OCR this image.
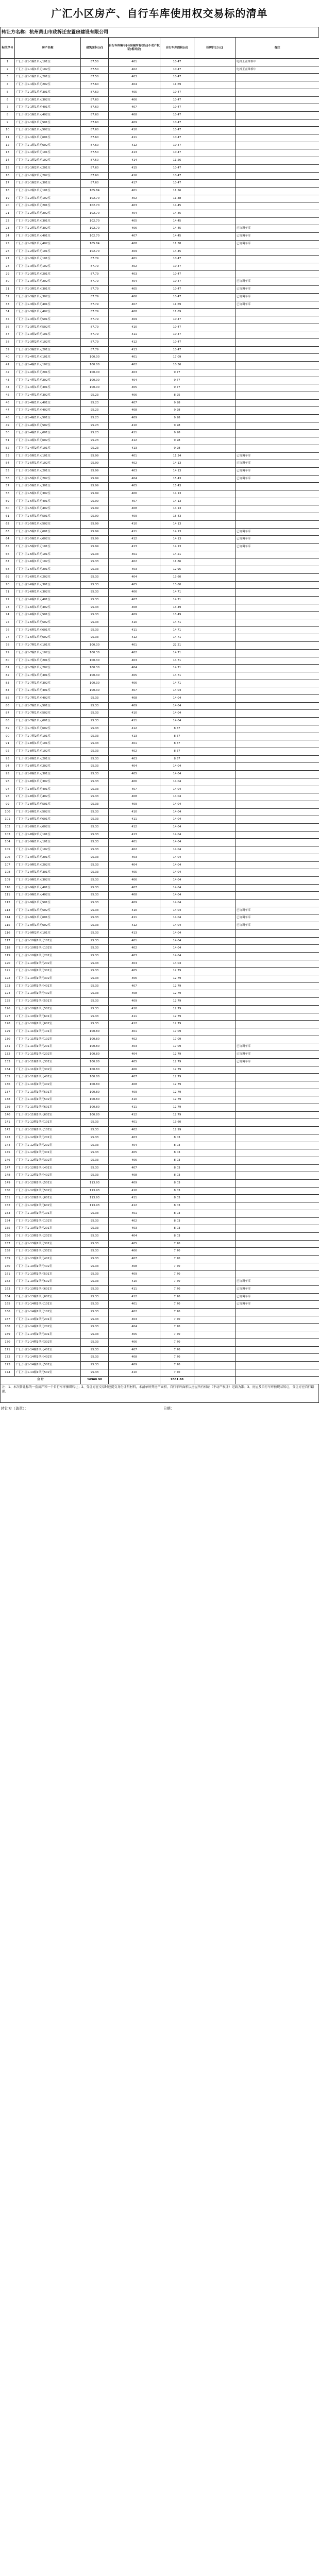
广汇小区房产、自行车库使用权交易标的清单
转让方名称：杭州萧山市政拆迁安置房建设有限公司
标的序号	房产名称	建筑面积(㎡)	自行车库编号(与房屋所有权证(不动产权证)相对应)	自行车库面积(㎡)	挂牌价(万元)	备注
1	广汇小区1-1幢1单元101室	87.50	401	10.47		电梯正在维修中
2	广汇小区1-1幢1单元102室	87.50	402	10.47		电梯正在维修中
3	广汇小区1-1幢1单元201室	87.50	403	10.47		
4	广汇小区1-1幢1单元202室	87.60	404	11.69		
5	广汇小区1-1幢1单元301室	87.60	405	10.47		
6	广汇小区1-1幢1单元302室	87.60	406	10.47		
7	广汇小区1-1幢1单元401室	87.60	407	10.47		
8	广汇小区1-1幢1单元402室	87.60	408	10.47		
9	广汇小区1-1幢1单元501室	87.60	409	10.47		
10	广汇小区1-1幢1单元502室	87.60	410	10.47		
11	广汇小区1-1幢1单元601室	87.60	411	10.47		
12	广汇小区1-1幢1单元602室	87.60	412	10.47		
13	广汇小区1-1幢2单元101室	87.50	413	10.47		
14	广汇小区1-1幢2单元102室	87.50	414	11.56		
15	广汇小区1-1幢2单元201室	87.60	415	10.47		
16	广汇小区1-1幢2单元202室	87.60	416	10.47		
17	广汇小区1-1幢2单元301室	87.60	417	10.47		
18	广汇小区1-2幢1单元101室	105.84	401	11.56		
19	广汇小区1-2幢1单元102室	102.70	402	11.38		
20	广汇小区1-2幢1单元201室	102.70	403	14.45		
21	广汇小区1-2幢1单元202室	102.70	404	14.45		
22	广汇小区1-2幢1单元301室	102.70	405	14.45		
23	广汇小区1-2幢1单元302室	102.70	406	14.45		已协调车库
24	广汇小区1-2幢1单元401室	102.70	407	14.45		已协调车库
25	广汇小区1-2幢1单元402室	105.84	408	11.38		已协调车库
26	广汇小区1-2幢2单元101室	102.70	409	14.45		
27	广汇小区1-3幢1单元101室	87.79	401	10.47		
28	广汇小区1-3幢1单元102室	87.79	402	10.47		
29	广汇小区1-3幢1单元201室	87.79	403	10.47		
30	广汇小区1-3幢1单元202室	87.79	404	10.47		已协调车库
31	广汇小区1-3幢1单元301室	87.79	405	10.47		已协调车库
32	广汇小区1-3幢1单元302室	87.79	406	10.47		已协调车库
33	广汇小区1-3幢1单元401室	87.79	407	11.69		已协调车库
34	广汇小区1-3幢1单元402室	87.79	408	11.69		
35	广汇小区1-3幢1单元501室	87.79	409	10.47		
36	广汇小区1-3幢1单元502室	87.79	410	10.47		
37	广汇小区1-3幢2单元101室	87.79	411	10.47		
38	广汇小区1-3幢2单元102室	87.79	412	10.47		
39	广汇小区1-3幢2单元201室	87.79	413	10.47		
40	广汇小区1-4幢1单元101室	100.00	401	17.09		
41	广汇小区1-4幢1单元102室	100.00	402	10.36		
42	广汇小区1-4幢1单元201室	100.00	403	9.77		
43	广汇小区1-4幢1单元202室	100.00	404	9.77		
44	广汇小区1-4幢1单元301室	100.00	405	9.77		
45	广汇小区1-4幢1单元302室	95.23	406	8.95		
46	广汇小区1-4幢1单元401室	95.23	407	9.98		
47	广汇小区1-4幢1单元402室	95.23	408	9.98		
48	广汇小区1-4幢1单元501室	95.23	409	9.98		
49	广汇小区1-4幢1单元502室	95.23	410	9.98		
50	广汇小区1-4幢1单元601室	95.23	411	9.98		
51	广汇小区1-4幢1单元602室	95.23	412	9.98		
52	广汇小区1-4幢2单元101室	95.23	413	9.98		
53	广汇小区1-5幢1单元101室	95.99	401	11.34		已协调车库
54	广汇小区1-5幢1单元102室	95.99	402	14.13		已协调车库
55	广汇小区1-5幢1单元201室	95.99	403	14.13		已协调车库
56	广汇小区1-5幢1单元202室	95.99	404	15.43		已协调车库
57	广汇小区1-5幢1单元301室	95.99	405	15.43		
58	广汇小区1-5幢1单元302室	95.99	406	14.13		
59	广汇小区1-5幢1单元401室	95.99	407	14.13		
60	广汇小区1-5幢1单元402室	95.99	408	14.13		
61	广汇小区1-5幢1单元501室	95.99	409	15.43		
62	广汇小区1-5幢1单元502室	95.99	410	14.13		
63	广汇小区1-5幢1单元601室	95.99	411	14.13		已协调车库
64	广汇小区1-5幢1单元602室	95.99	412	14.13		已协调车库
65	广汇小区1-5幢2单元101室	95.99	413	14.13		已协调车库
66	广汇小区1-6幢1单元101室	95.33	401	14.21		
67	广汇小区1-6幢1单元102室	95.33	402	11.86		
68	广汇小区1-6幢1单元201室	95.33	403	12.95		
69	广汇小区1-6幢1单元202室	95.33	404	13.60		
70	广汇小区1-6幢1单元301室	95.33	405	13.60		
71	广汇小区1-6幢1单元302室	95.33	406	14.71		
72	广汇小区1-6幢1单元401室	95.33	407	14.71		
73	广汇小区1-6幢1单元402室	95.33	408	13.49		
74	广汇小区1-6幢1单元501室	95.33	409	13.49		
75	广汇小区1-6幢1单元502室	95.33	410	14.71		
76	广汇小区1-6幢1单元601室	95.33	411	14.71		
77	广汇小区1-6幢1单元602室	95.33	412	14.71		
78	广汇小区1-7幢1单元101室	100.30	401	22.21		
79	广汇小区1-7幢1单元102室	100.30	402	14.71		
80	广汇小区1-7幢1单元201室	100.30	403	14.71		
81	广汇小区1-7幢1单元202室	100.30	404	14.71		
82	广汇小区1-7幢1单元301室	100.30	405	14.71		
83	广汇小区1-7幢1单元302室	100.30	406	14.71		
84	广汇小区1-7幢1单元401室	100.30	407	14.04		
85	广汇小区1-7幢1单元402室	95.33	408	14.04		
86	广汇小区1-7幢1单元501室	95.33	409	14.04		
87	广汇小区1-7幢1单元502室	95.33	410	14.04		
88	广汇小区1-7幢1单元601室	95.33	411	14.04		
89	广汇小区1-7幢1单元602室	95.33	412	8.57		
90	广汇小区1-7幢2单元101室	95.33	413	8.57		
91	广汇小区1-8幢1单元101室	95.33	401	8.57		
92	广汇小区1-8幢1单元102室	95.33	402	8.57		
93	广汇小区1-8幢1单元201室	95.33	403	8.57		
94	广汇小区1-8幢1单元202室	95.33	404	14.04		
95	广汇小区1-8幢1单元301室	95.33	405	14.04		
96	广汇小区1-8幢1单元302室	95.33	406	14.04		
97	广汇小区1-8幢1单元401室	95.33	407	14.04		
98	广汇小区1-8幢1单元402室	95.33	408	14.04		
99	广汇小区1-8幢1单元501室	95.33	409	14.04		
100	广汇小区1-8幢1单元502室	95.33	410	14.04		
101	广汇小区1-8幢1单元601室	95.33	411	14.04		
102	广汇小区1-8幢1单元602室	95.33	412	14.04		
103	广汇小区1-8幢2单元101室	95.33	413	14.04		
104	广汇小区1-9幢1单元101室	95.33	401	14.04		
105	广汇小区1-9幢1单元102室	95.33	402	14.04		
106	广汇小区1-9幢1单元201室	95.33	403	14.04		
107	广汇小区1-9幢1单元202室	95.33	404	14.04		
108	广汇小区1-9幢1单元301室	95.33	405	14.04		
109	广汇小区1-9幢1单元302室	95.33	406	14.04		
110	广汇小区1-9幢1单元401室	95.33	407	14.04		
111	广汇小区1-9幢1单元402室	95.33	408	14.04		
112	广汇小区1-9幢1单元501室	95.33	409	14.04		
113	广汇小区1-9幢1单元502室	95.33	410	14.04		已协调车库
114	广汇小区1-9幢1单元601室	95.33	411	14.04		已协调车库
115	广汇小区1-9幢1单元602室	95.33	412	14.04		已协调车库
116	广汇小区1-9幢2单元101室	95.33	413	14.04		
117	广汇小区1-10幢1单元101室	95.33	401	14.04		
118	广汇小区1-10幢1单元102室	95.33	402	14.04		
119	广汇小区1-10幢1单元201室	95.33	403	14.04		
120	广汇小区1-10幢1单元202室	95.33	404	14.04		
121	广汇小区1-10幢1单元301室	95.33	405	12.79		
122	广汇小区1-10幢1单元302室	95.33	406	12.79		
123	广汇小区1-10幢1单元401室	95.33	407	12.79		
124	广汇小区1-10幢1单元402室	95.33	408	12.79		
125	广汇小区1-10幢1单元501室	95.33	409	12.79		
126	广汇小区1-10幢1单元502室	95.33	410	12.79		
127	广汇小区1-10幢1单元601室	95.33	411	12.79		
128	广汇小区1-10幢1单元602室	95.33	412	12.79		
129	广汇小区1-11幢1单元101室	100.80	401	17.09		
130	广汇小区1-11幢1单元102室	100.80	402	17.09		
131	广汇小区1-11幢1单元201室	100.80	403	17.09		已协调车库
132	广汇小区1-11幢1单元202室	100.80	404	12.79		已协调车库
133	广汇小区1-11幢1单元301室	100.80	405	12.79		已协调车库
134	广汇小区1-11幢1单元302室	100.80	406	12.79		
135	广汇小区1-11幢1单元401室	100.80	407	12.79		
136	广汇小区1-11幢1单元402室	100.80	408	12.79		
137	广汇小区1-11幢1单元501室	100.80	409	12.79		
138	广汇小区1-11幢1单元502室	100.80	410	12.79		
139	广汇小区1-11幢1单元601室	100.80	411	12.79		
140	广汇小区1-11幢1单元602室	100.80	412	12.79		
141	广汇小区1-12幢1单元101室	95.33	401	13.60		
142	广汇小区1-12幢1单元102室	95.33	402	12.99		
143	广汇小区1-12幢1单元201室	95.33	403	8.03		
144	广汇小区1-12幢1单元202室	95.33	404	8.03		
145	广汇小区1-12幢1单元301室	95.33	405	8.03		
146	广汇小区1-12幢1单元302室	95.33	406	8.03		
147	广汇小区1-12幢1单元401室	95.33	407	8.03		
148	广汇小区1-12幢1单元402室	95.33	408	8.03		
149	广汇小区1-12幢1单元501室	113.93	409	8.03		
150	广汇小区1-12幢1单元502室	113.93	410	8.03		
151	广汇小区1-12幢1单元601室	113.93	411	8.03		
152	广汇小区1-12幢1单元602室	113.93	412	8.03		
153	广汇小区1-13幢1单元101室	95.33	401	8.03		
154	广汇小区1-13幢1单元102室	95.33	402	8.03		
155	广汇小区1-13幢1单元201室	95.33	403	8.03		
156	广汇小区1-13幢1单元202室	95.33	404	8.03		
157	广汇小区1-13幢1单元301室	95.33	405	7.70		
158	广汇小区1-13幢1单元302室	95.33	406	7.70		
159	广汇小区1-13幢1单元401室	95.33	407	7.70		
160	广汇小区1-13幢1单元402室	95.33	408	7.70		
161	广汇小区1-13幢1单元501室	95.33	409	7.70		
162	广汇小区1-13幢1单元502室	95.33	410	7.70		已协调车库
163	广汇小区1-13幢1单元601室	95.33	411	7.70		已协调车库
164	广汇小区1-13幢1单元602室	95.33	412	7.70		已协调车库
165	广汇小区1-14幢1单元101室	95.33	401	7.70		已协调车库
166	广汇小区1-14幢1单元102室	95.33	402	7.70		
167	广汇小区1-14幢1单元201室	95.33	403	7.70		
168	广汇小区1-14幢1单元202室	95.33	404	7.70		
169	广汇小区1-14幢1单元301室	95.33	405	7.70		
170	广汇小区1-14幢1单元302室	95.33	406	7.70		
171	广汇小区1-14幢1单元401室	95.33	407	7.70		
172	广汇小区1-14幢1单元402室	95.33	408	7.70		
173	广汇小区1-14幢1单元501室	95.33	409	7.70		
174	广汇小区1-14幢1单元502室	95.33	410	7.70		
合 计		16960.90		2081.88		
注：1、本次转让标的一套房产和一个自行车库捆绑转让；2、受让方在交易时应提交身份证明材料，本清单所列房产面积、自行车库面积以房屋所有权证（不动产权证）记载为准；3、房屋及自行车库按现状转让，受让方应自行踏勘。
转让方（盖章）：	日期：
